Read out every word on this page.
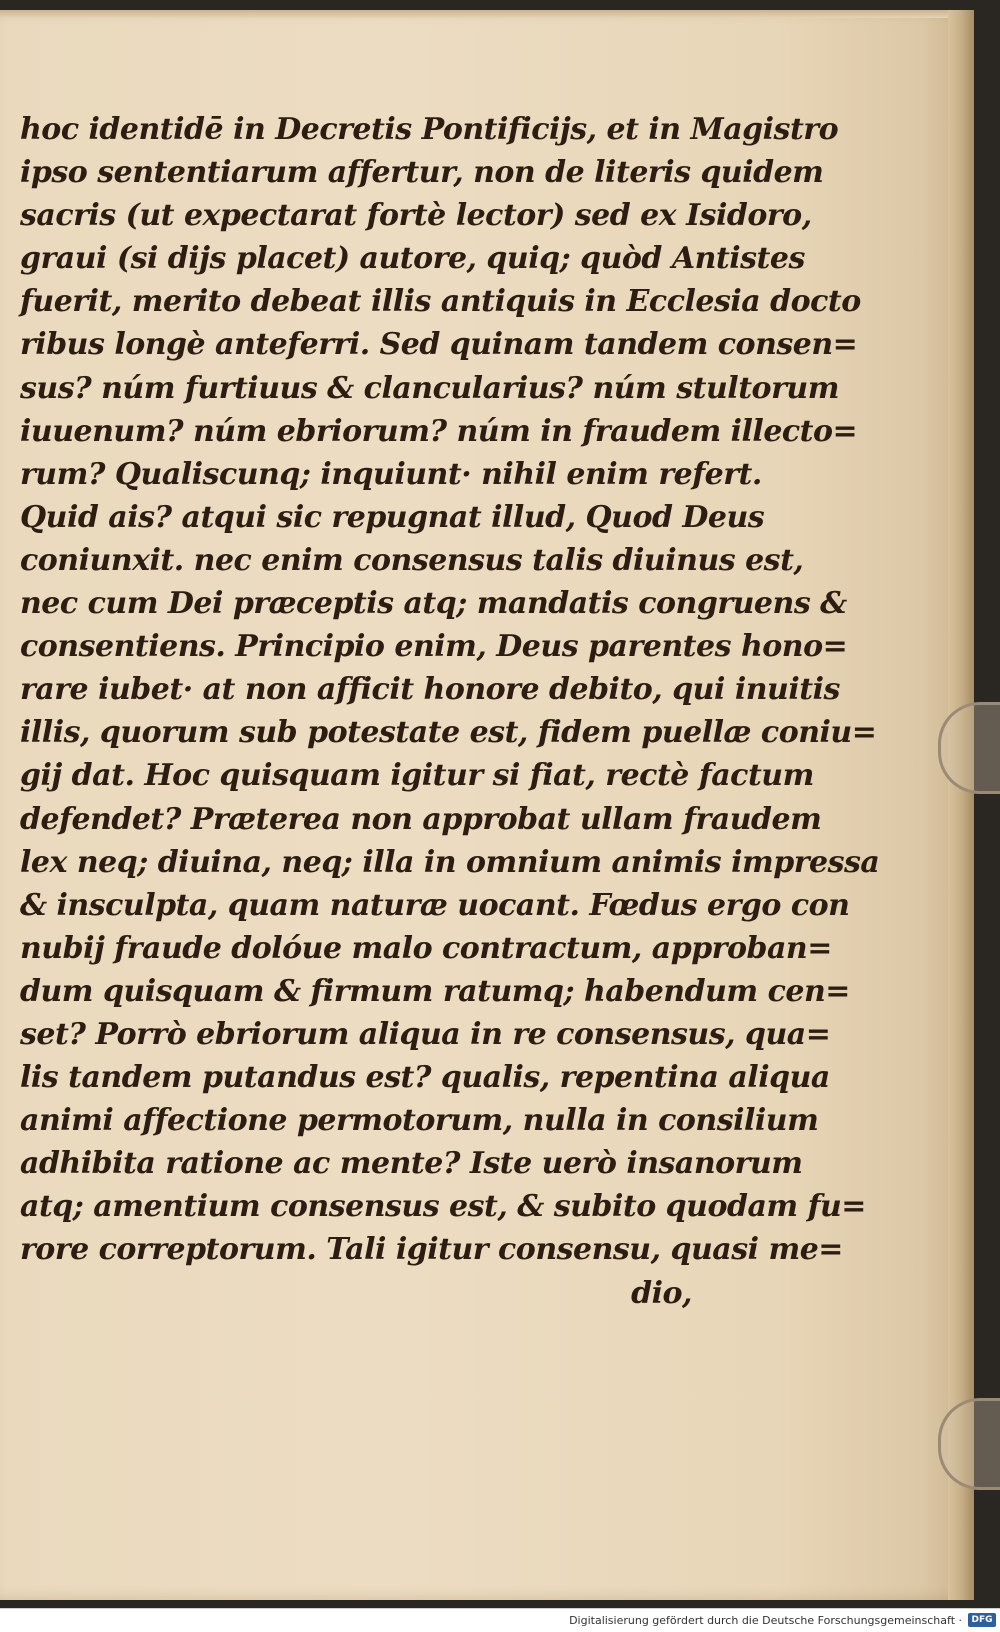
hoc identidē in Decretis Pontificijs, et in Magistro
ipso sententiarum affertur, non de literis quidem
sacris (ut expectarat fortè lector) sed ex Isidoro,
graui (si dijs placet) autore, quiq; quòd Antistes
fuerit, merito debeat illis antiquis in Ecclesia docto
ribus longè anteferri. Sed quinam tandem consen=
sus? núm furtiuus & clancularius? núm stultorum
iuuenum? núm ebriorum? núm in fraudem illecto=
rum? Qualiscunq; inquiunt· nihil enim refert.
Quid ais? atqui sic repugnat illud, Quod Deus
coniunxit. nec enim consensus talis diuinus est,
nec cum Dei præceptis atq; mandatis congruens &
consentiens. Principio enim, Deus parentes hono=
rare iubet· at non afficit honore debito, qui inuitis
illis, quorum sub potestate est, fidem puellæ coniu=
gij dat. Hoc quisquam igitur si fiat, rectè factum
defendet? Præterea non approbat ullam fraudem
lex neq; diuina, neq; illa in omnium animis impressa
& insculpta, quam naturæ uocant. Fœdus ergo con
nubij fraude dolóue malo contractum, approban=
dum quisquam & firmum ratumq; habendum cen=
set? Porrò ebriorum aliqua in re consensus, qua=
lis tandem putandus est? qualis, repentina aliqua
animi affectione permotorum, nulla in consilium
adhibita ratione ac mente? Iste uerò insanorum
atq; amentium consensus est, & subito quodam fu=
rore correptorum. Tali igitur consensu, quasi me=
dio,
Digitalisierung gefördert durch die Deutsche Forschungsgemeinschaft ·	DFG
